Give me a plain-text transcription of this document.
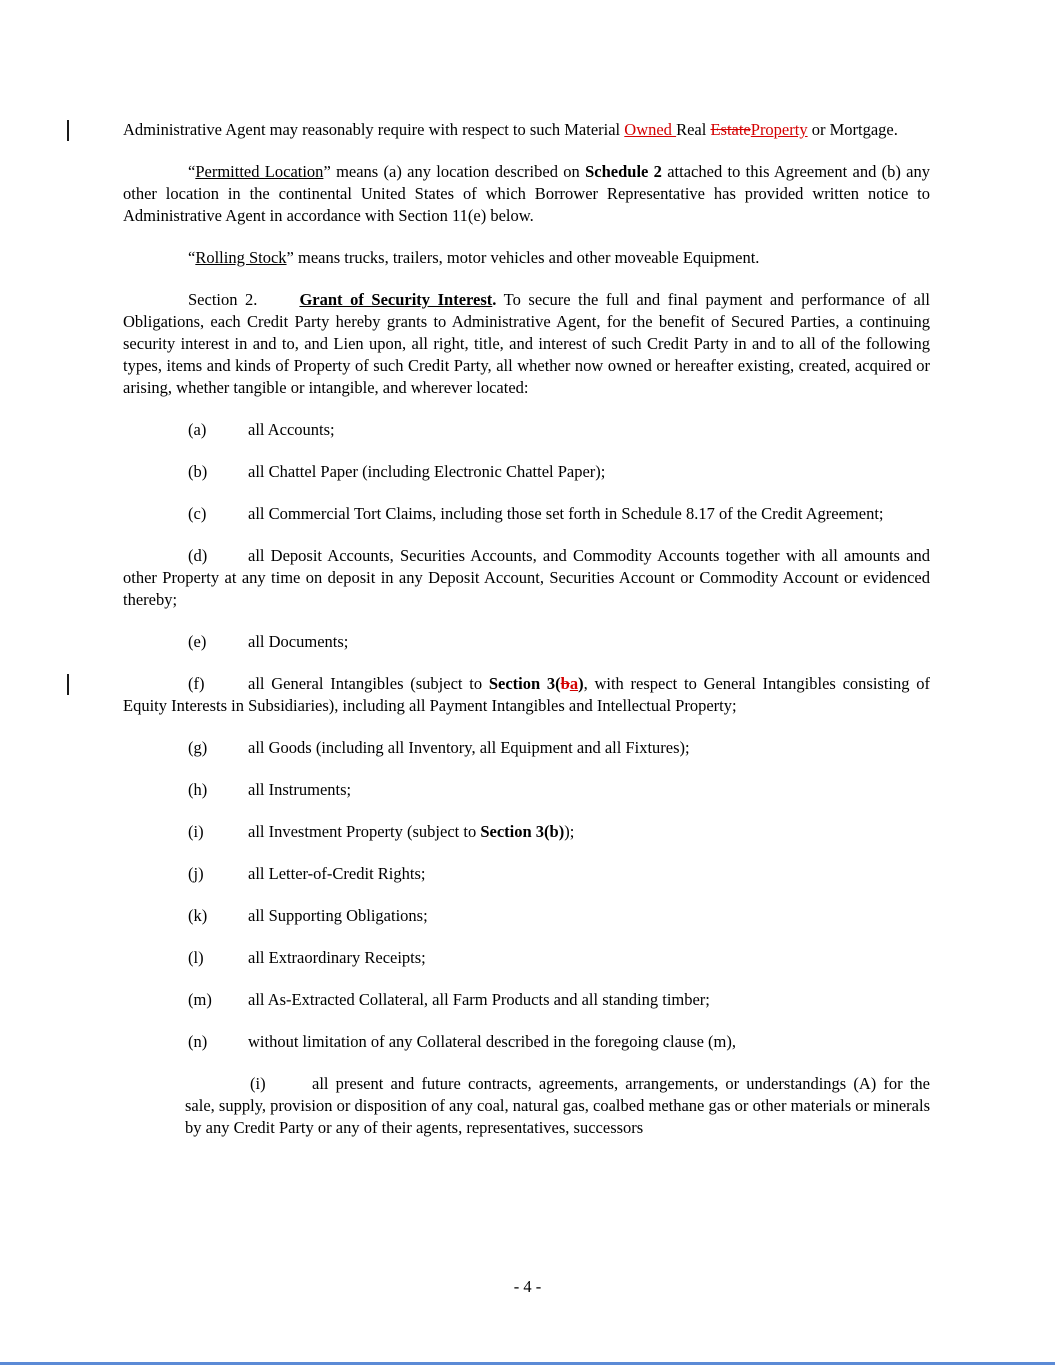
Administrative Agent may reasonably require with respect to such Material Owned Real EstateProperty or Mortgage.

“Permitted Location” means (a) any location described on Schedule 2 attached to this Agreement and (b) any other location in the continental United States of which Borrower Representative has provided written notice to Administrative Agent in accordance with Section 11(e) below.

“Rolling Stock” means trucks, trailers, motor vehicles and other moveable Equipment.

Section 2.	Grant of Security Interest. To secure the full and final payment and performance of all Obligations, each Credit Party hereby grants to Administrative Agent, for the benefit of Secured Parties, a continuing security interest in and to, and Lien upon, all right, title, and interest of such Credit Party in and to all of the following types, items and kinds of Property of such Credit Party, all whether now owned or hereafter existing, created, acquired or arising, whether tangible or intangible, and wherever located:

(a)	all Accounts;

(b) all Chattel Paper (including Electronic Chattel Paper);

(c)	all Commercial Tort Claims, including those set forth in Schedule 8.17 of the Credit Agreement;

(d) all Deposit Accounts, Securities Accounts, and Commodity Accounts together with all amounts and other Property at any time on deposit in any Deposit Account, Securities Account or Commodity Account or evidenced thereby;

(e)	all Documents;

(f)	all General Intangibles (subject to Section 3(ba), with respect to General Intangibles consisting of Equity Interests in Subsidiaries), including all Payment Intangibles and Intellectual Property;

(g) all Goods (including all Inventory, all Equipment and all Fixtures);

(h) all Instruments;

(i)	all Investment Property (subject to Section 3(b));

(j)	all Letter-of-Credit Rights;

(k) all Supporting Obligations;

(l)	all Extraordinary Receipts;

(m) all As-Extracted Collateral, all Farm Products and all standing timber;

(n) without limitation of any Collateral described in the foregoing clause (m),

(i)	all present and future contracts, agreements, arrangements, or understandings (A) for the sale, supply, provision or disposition of any coal, natural gas, coalbed methane gas or other materials or minerals by any Credit Party or any of their agents, representatives, successors

- 4 -
